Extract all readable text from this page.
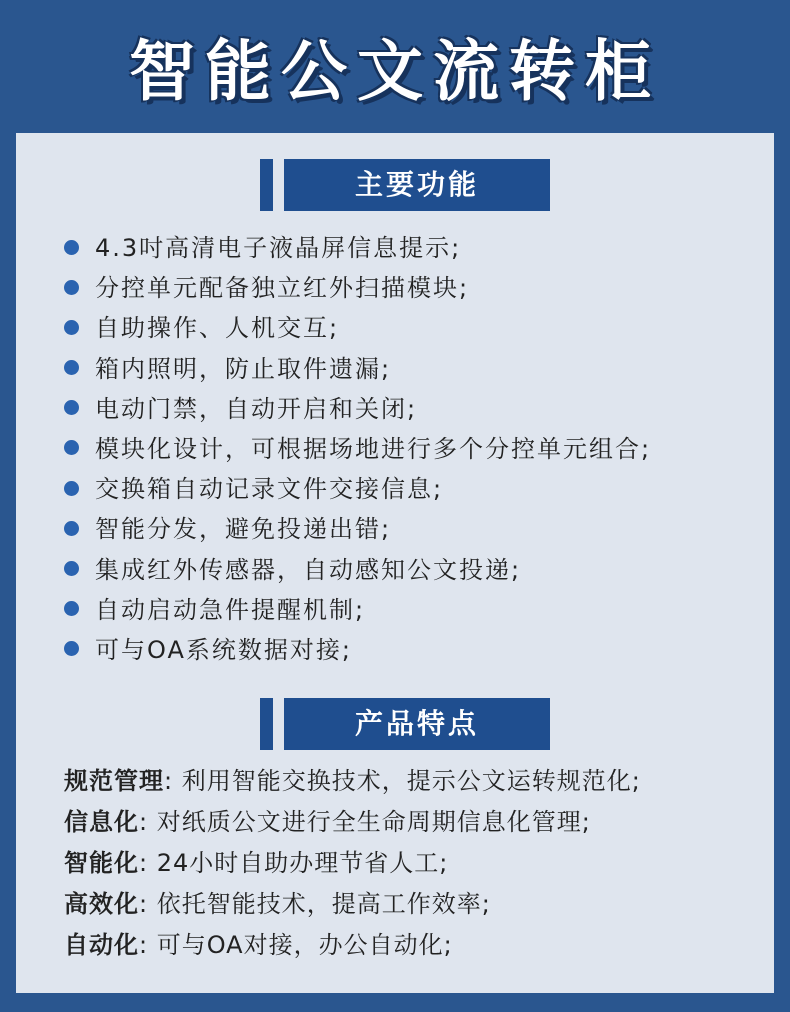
智能公文流转柜
主要功能
4.3吋高清电子液晶屏信息提示;
分控单元配备独立红外扫描模块;
自助操作、人机交互;
箱内照明，防止取件遗漏;
电动门禁，自动开启和关闭;
模块化设计，可根据场地进行多个分控单元组合;
交换箱自动记录文件交接信息;
智能分发，避免投递出错;
集成红外传感器，自动感知公文投递;
自动启动急件提醒机制;
可与OA系统数据对接;
产品特点
规范管理: 利用智能交换技术，提示公文运转规范化;
信息化: 对纸质公文进行全生命周期信息化管理;
智能化: 24小时自助办理节省人工;
高效化: 依托智能技术，提高工作效率;
自动化: 可与OA对接，办公自动化;
